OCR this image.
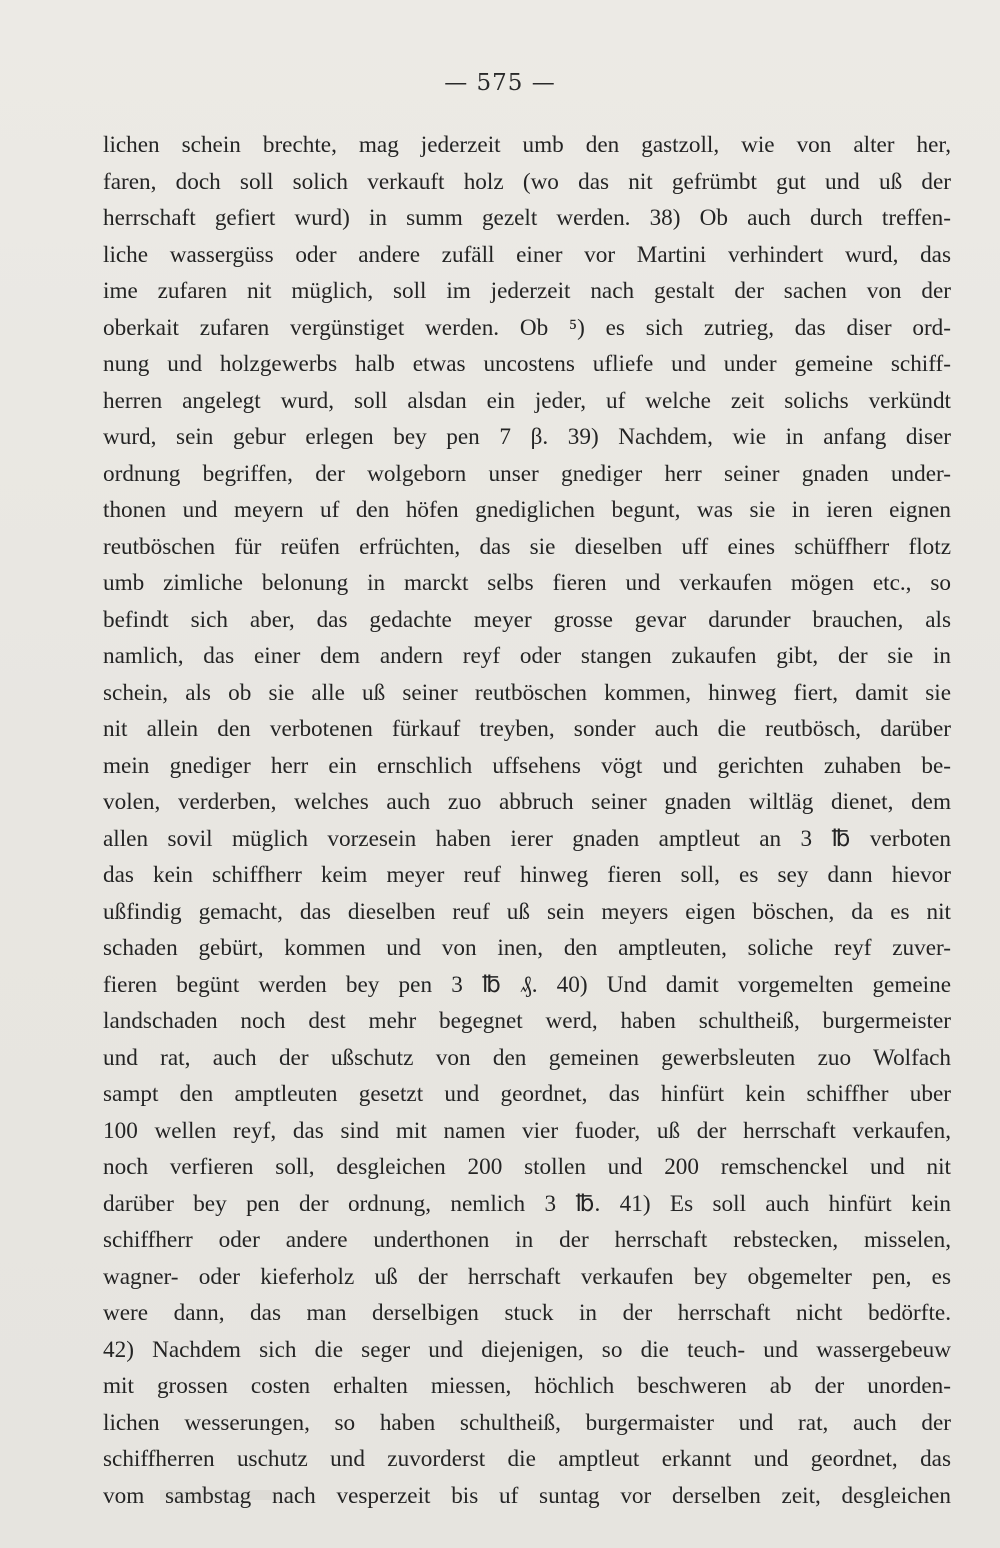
— 575 —
lichen schein brechte, mag jederzeit umb den gastzoll, wie von alter her,
faren, doch soll solich verkauft holz (wo das nit gefrümbt gut und uß der
herrschaft gefiert wurd) in summ gezelt werden. 38) Ob auch durch treffen-
liche wassergüss oder andere zufäll einer vor Martini verhindert wurd, das
ime zufaren nit müglich, soll im jederzeit nach gestalt der sachen von der
oberkait zufaren vergünstiget werden. Ob ⁵) es sich zutrieg, das diser ord-
nung und holzgewerbs halb etwas uncostens ufliefe und under gemeine schiff-
herren angelegt wurd, soll alsdan ein jeder, uf welche zeit solichs verkündt
wurd, sein gebur erlegen bey pen 7 β. 39) Nachdem, wie in anfang diser
ordnung begriffen, der wolgeborn unser gnediger herr seiner gnaden under-
thonen und meyern uf den höfen gnediglichen begunt, was sie in ieren eignen
reutböschen für reüfen erfrüchten, das sie dieselben uff eines schüffherr flotz
umb zimliche belonung in marckt selbs fieren und verkaufen mögen etc., so
befindt sich aber, das gedachte meyer grosse gevar darunder brauchen, als
namlich, das einer dem andern reyf oder stangen zukaufen gibt, der sie in
schein, als ob sie alle uß seiner reutböschen kommen, hinweg fiert, damit sie
nit allein den verbotenen fürkauf treyben, sonder auch die reutbösch, darüber
mein gnediger herr ein ernschlich uffsehens vögt und gerichten zuhaben be-
volen, verderben, welches auch zuo abbruch seiner gnaden wiltläg dienet, dem
allen sovil müglich vorzesein haben ierer gnaden amptleut an 3 ℔ verboten
das kein schiffherr keim meyer reuf hinweg fieren soll, es sey dann hievor
ußfindig gemacht, das dieselben reuf uß sein meyers eigen böschen, da es nit
schaden gebürt, kommen und von inen, den amptleuten, soliche reyf zuver-
fieren begünt werden bey pen 3 ℔ ₰. 40) Und damit vorgemelten gemeine
landschaden noch dest mehr begegnet werd, haben schultheiß, burgermeister
und rat, auch der ußschutz von den gemeinen gewerbsleuten zuo Wolfach
sampt den amptleuten gesetzt und geordnet, das hinfürt kein schiffher uber
100 wellen reyf, das sind mit namen vier fuoder, uß der herrschaft verkaufen,
noch verfieren soll, desgleichen 200 stollen und 200 remschenckel und nit
darüber bey pen der ordnung, nemlich 3 ℔. 41) Es soll auch hinfürt kein
schiffherr oder andere underthonen in der herrschaft rebstecken, misselen,
wagner- oder kieferholz uß der herrschaft verkaufen bey obgemelter pen, es
were dann, das man derselbigen stuck in der herrschaft nicht bedörfte.
42) Nachdem sich die seger und diejenigen, so die teuch- und wassergebeuw
mit grossen costen erhalten miessen, höchlich beschweren ab der unorden-
lichen wesserungen, so haben schultheiß, burgermaister und rat, auch der
schiffherren uschutz und zuvorderst die amptleut erkannt und geordnet, das
vom sambstag nach vesperzeit bis uf suntag vor derselben zeit, desgleichen
